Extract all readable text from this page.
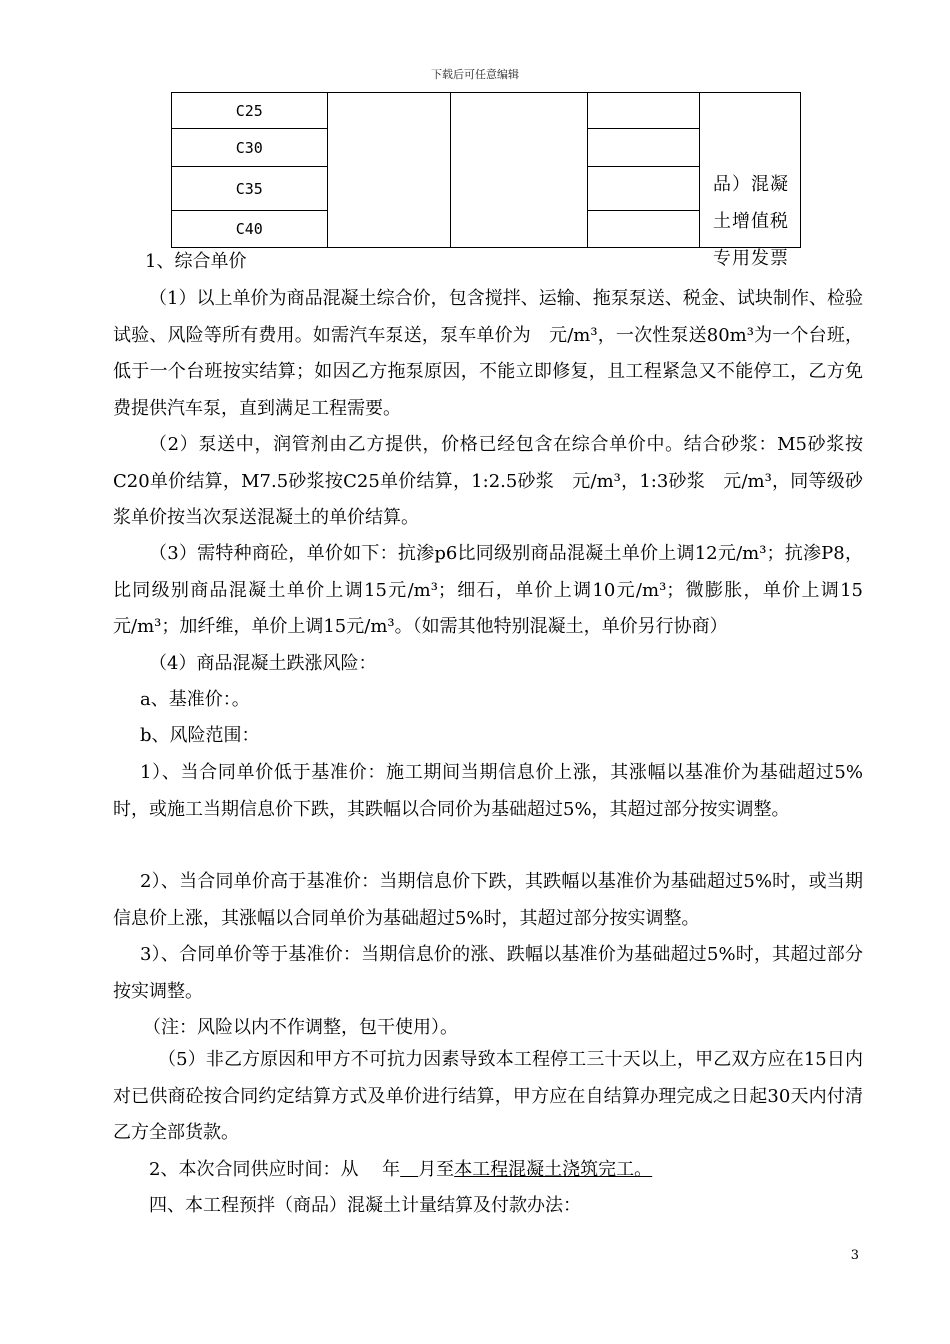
下载后可任意编辑
C25				
C30				
C35				
C40				
品）混凝
土增值税
专用发票
1、综合单价
（1）以上单价为商品混凝土综合价，包含搅拌、运输、拖泵泵送、税金、试块制作、检验试验、风险等所有费用。如需汽车泵送，泵车单价为　元/m³，一次性泵送80m³为一个台班，低于一个台班按实结算；如因乙方拖泵原因，不能立即修复，且工程紧急又不能停工，乙方免费提供汽车泵，直到满足工程需要。
（2）泵送中，润管剂由乙方提供，价格已经包含在综合单价中。结合砂浆：M5砂浆按C20单价结算，M7.5砂浆按C25单价结算，1:2.5砂浆　元/m³，1:3砂浆　元/m³，同等级砂浆单价按当次泵送混凝土的单价结算。
（3）需特种商砼，单价如下：抗渗p6比同级别商品混凝土单价上调12元/m³；抗渗P8，比同级别商品混凝土单价上调15元/m³；细石，单价上调10元/m³；微膨胀，单价上调15元/m³；加纤维，单价上调15元/m³。（如需其他特别混凝土，单价另行协商）
（4）商品混凝土跌涨风险：
a、基准价：。
b、风险范围：
1）、当合同单价低于基准价：施工期间当期信息价上涨，其涨幅以基准价为基础超过5%时，或施工当期信息价下跌，其跌幅以合同价为基础超过5%，其超过部分按实调整。
2）、当合同单价高于基准价：当期信息价下跌，其跌幅以基准价为基础超过5%时，或当期信息价上涨，其涨幅以合同单价为基础超过5%时，其超过部分按实调整。
3）、合同单价等于基准价：当期信息价的涨、跌幅以基准价为基础超过5%时，其超过部分按实调整。
（注：风险以内不作调整，包干使用）。
（5）非乙方原因和甲方不可抗力因素导致本工程停工三十天以上，甲乙双方应在15日内对已供商砼按合同约定结算方式及单价进行结算，甲方应在自结算办理完成之日起30天内付清乙方全部货款。
2、本次合同供应时间：从　 年　 月至本工程混凝土浇筑完工。
四、本工程预拌（商品）混凝土计量结算及付款办法：
3
